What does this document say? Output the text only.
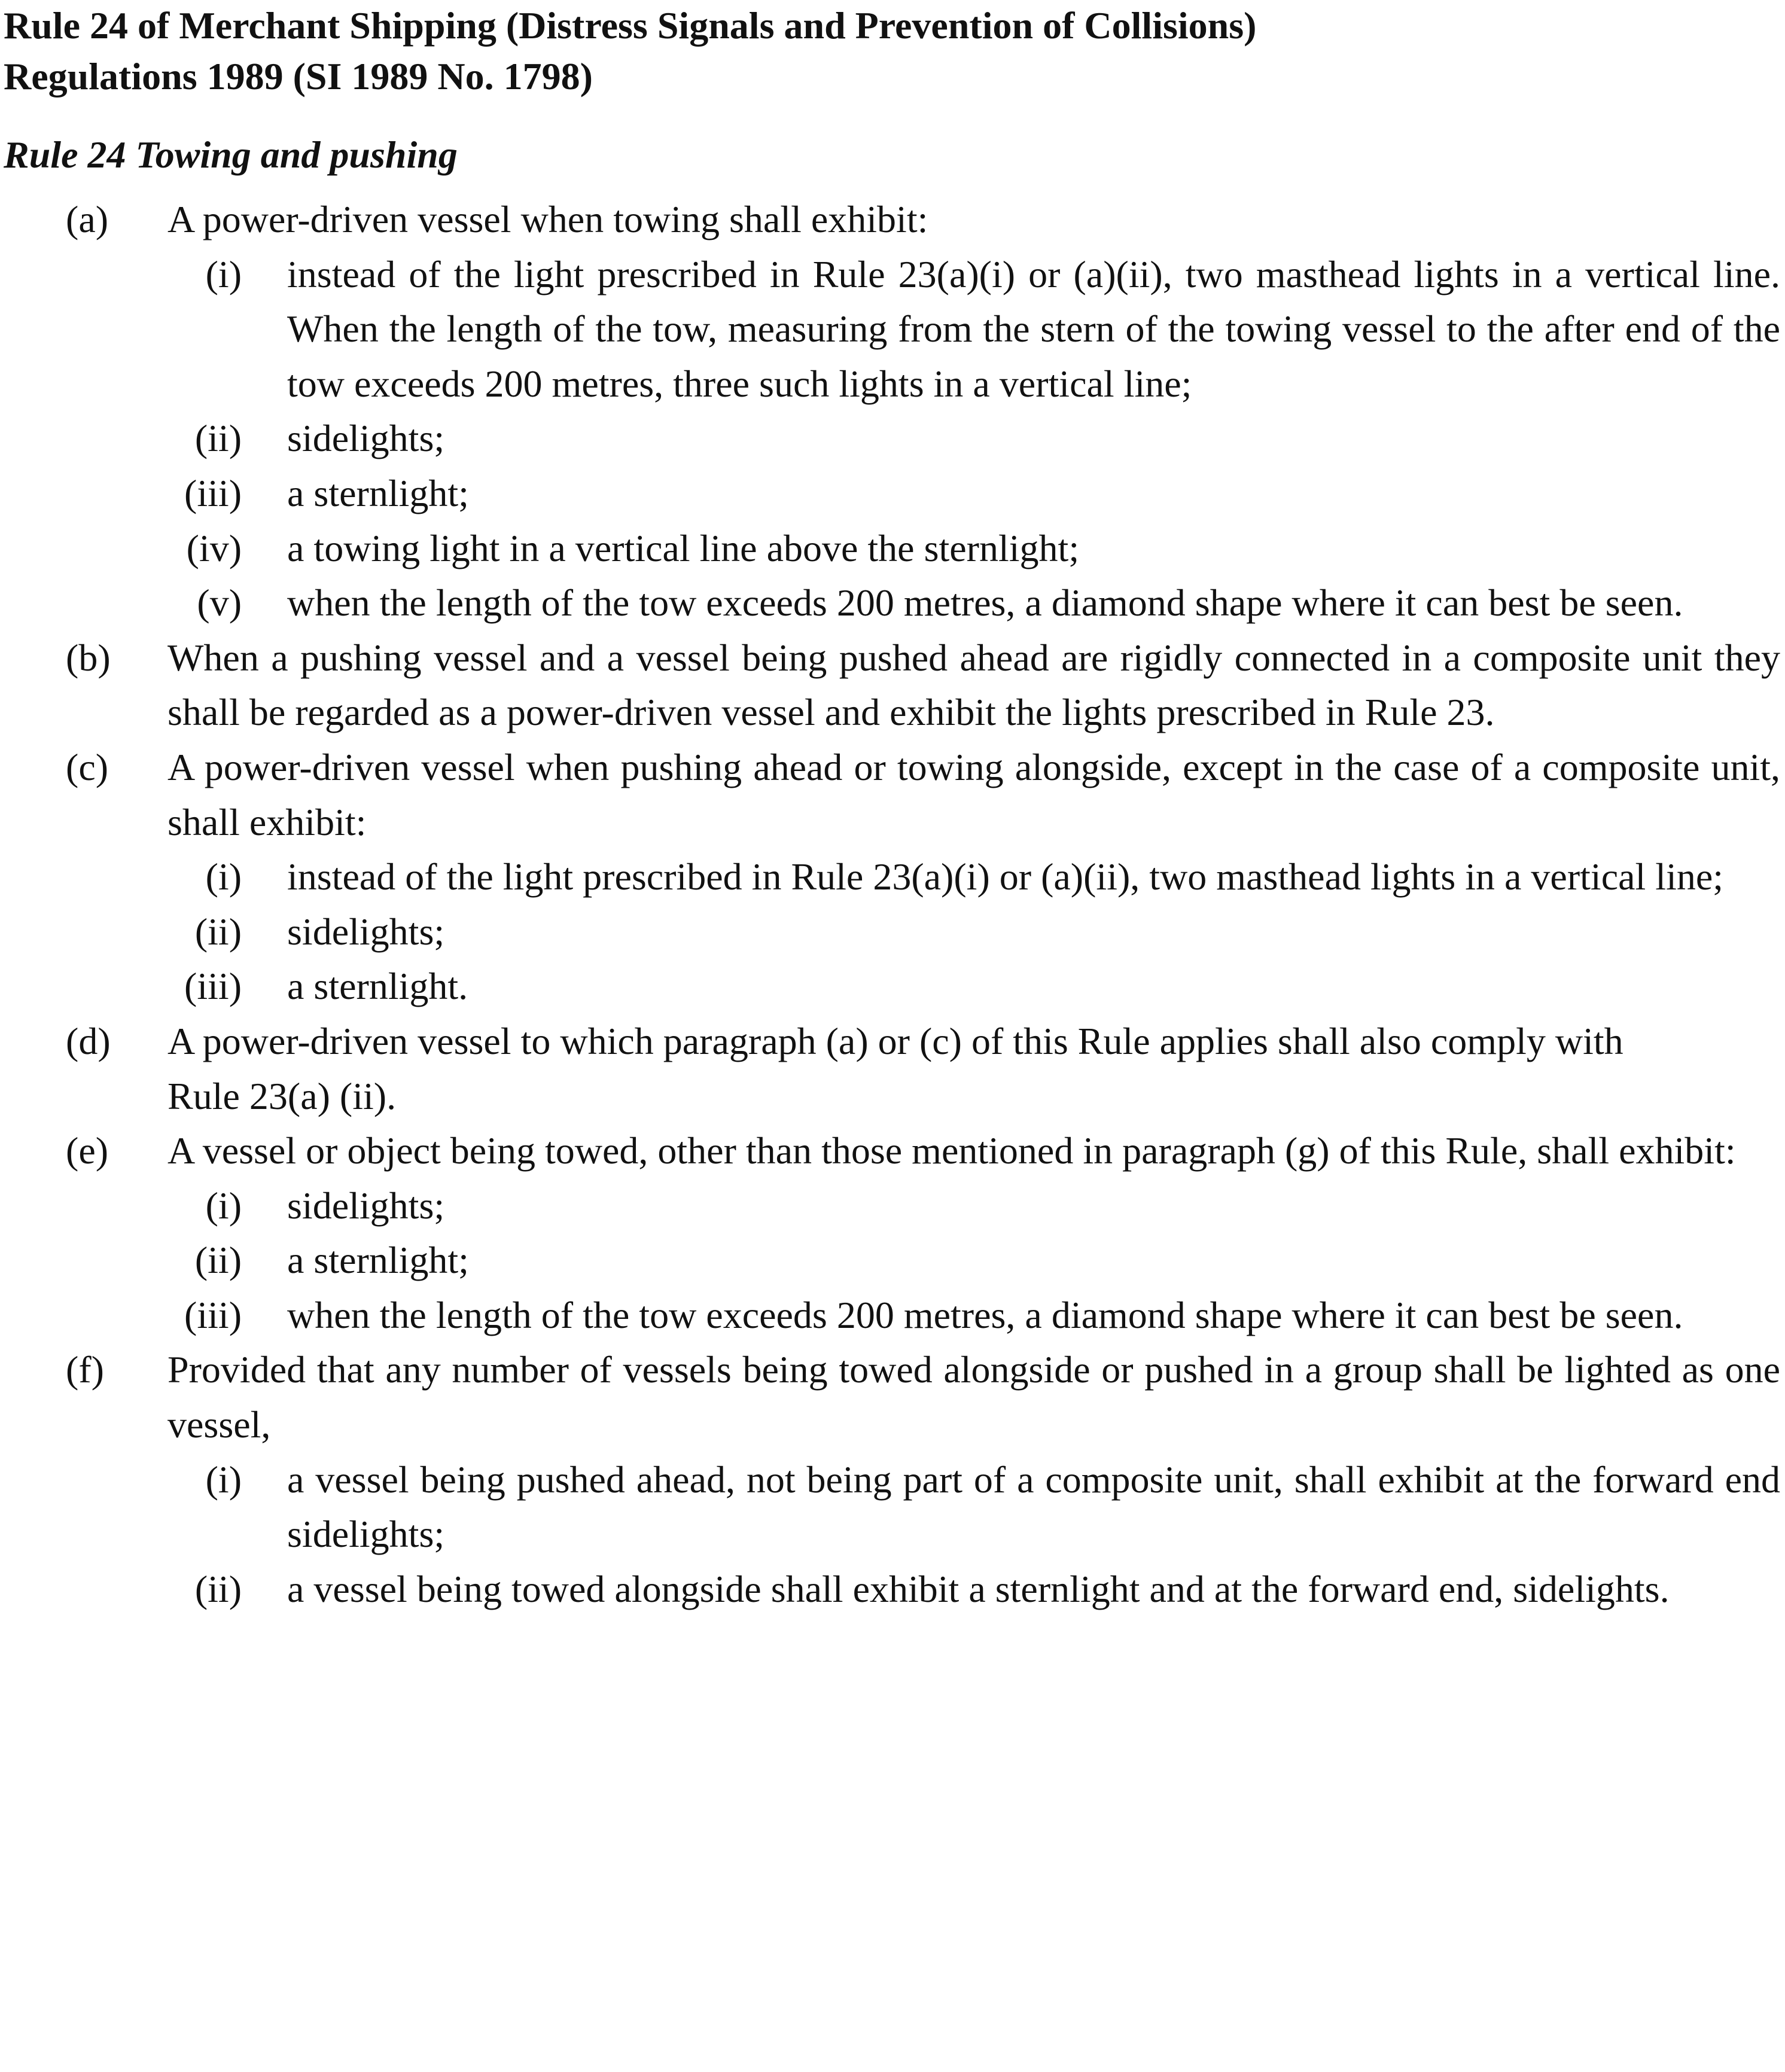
Rule 24 of Merchant Shipping (Distress Signals and Prevention of Collisions)
Regulations 1989 (SI 1989 No. 1798)
Rule 24 Towing and pushing
(a)	A power-driven vessel when towing shall exhibit:
(i) instead of the light prescribed in Rule 23(a)(i) or (a)(ii), two masthead lights in a vertical line. When the length of the tow, measuring from the stern of the towing vessel to the after end of the tow exceeds 200 metres, three such lights in a vertical line;
(ii) sidelights;
(iii) a sternlight;
(iv) a towing light in a vertical line above the sternlight;
(v) when the length of the tow exceeds 200 metres, a diamond shape where it can best be seen.
(b)	When a pushing vessel and a vessel being pushed ahead are rigidly connected in a composite unit they shall be regarded as a power-driven vessel and exhibit the lights prescribed in Rule 23.
(c)	A power-driven vessel when pushing ahead or towing alongside, except in the case of a composite unit, shall exhibit:
(i) instead of the light prescribed in Rule 23(a)(i) or (a)(ii), two masthead lights in a vertical line;
(ii) sidelights;
(iii) a sternlight.
(d)	A power-driven vessel to which paragraph (a) or (c) of this Rule applies shall also comply with
Rule 23(a) (ii).
(e)	A vessel or object being towed, other than those mentioned in paragraph (g) of this Rule, shall exhibit:
(i) sidelights;
(ii) a sternlight;
(iii) when the length of the tow exceeds 200 metres, a diamond shape where it can best be seen.
(f)	Provided that any number of vessels being towed alongside or pushed in a group shall be lighted as one vessel,
(i) a vessel being pushed ahead, not being part of a composite unit, shall exhibit at the forward end sidelights;
(ii) a vessel being towed alongside shall exhibit a sternlight and at the forward end, sidelights.
